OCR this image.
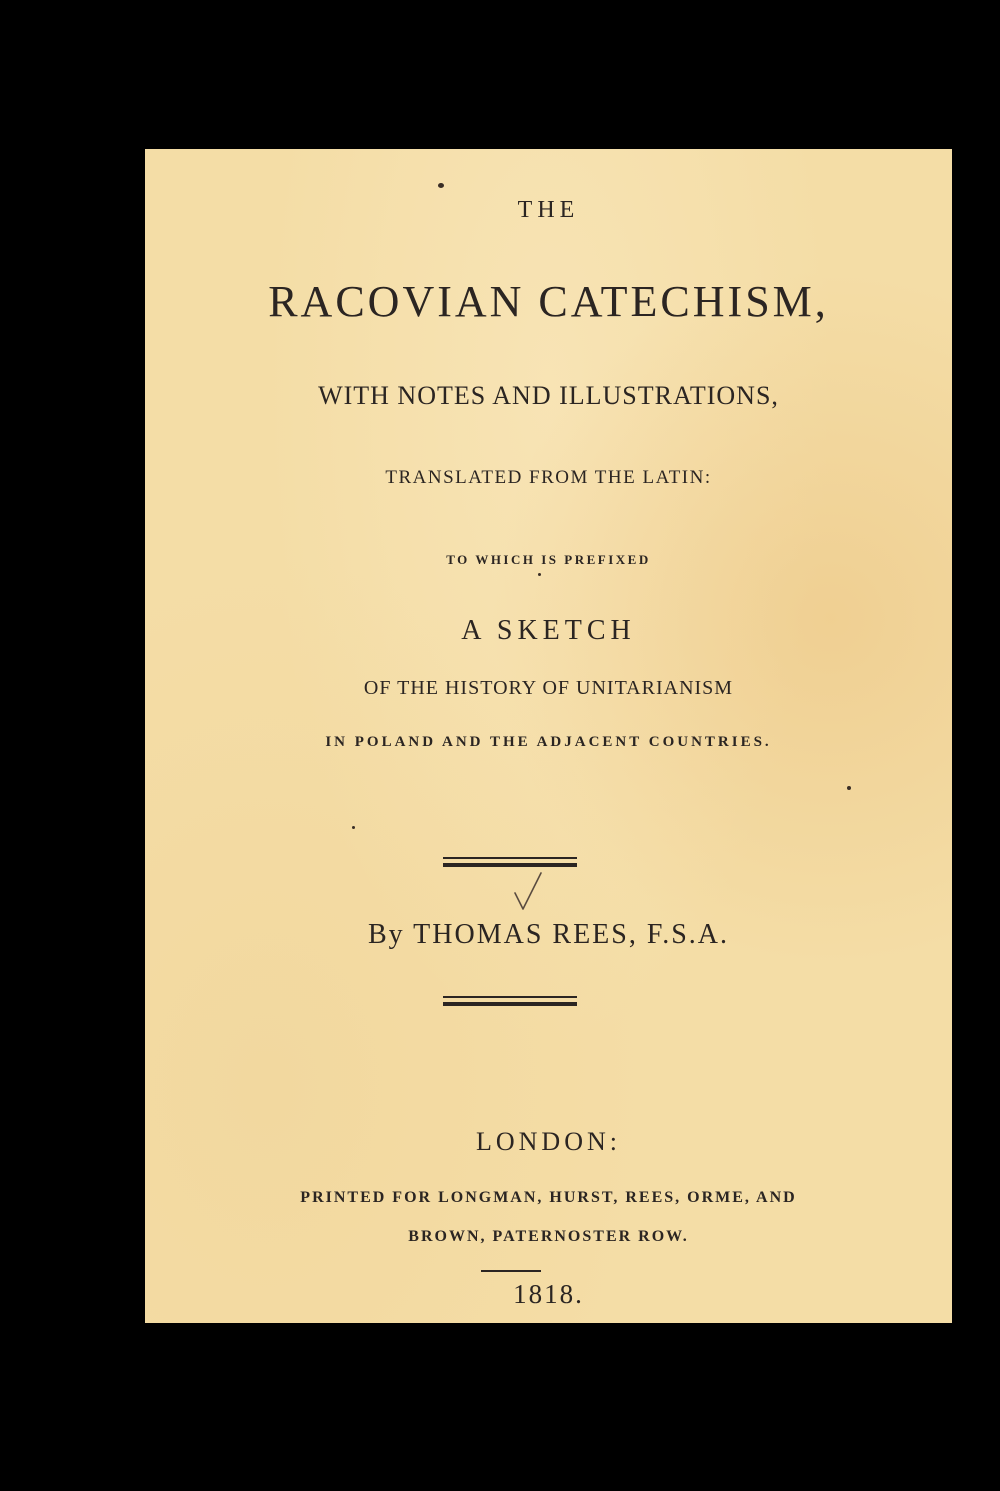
THE
RACOVIAN CATECHISM,
WITH NOTES AND ILLUSTRATIONS,
TRANSLATED FROM THE LATIN:
TO WHICH IS PREFIXED
A SKETCH
OF THE HISTORY OF UNITARIANISM
IN POLAND AND THE ADJACENT COUNTRIES.
By THOMAS REES, F.S.A.
LONDON:
PRINTED FOR LONGMAN, HURST, REES, ORME, AND
BROWN, PATERNOSTER ROW.
1818.
